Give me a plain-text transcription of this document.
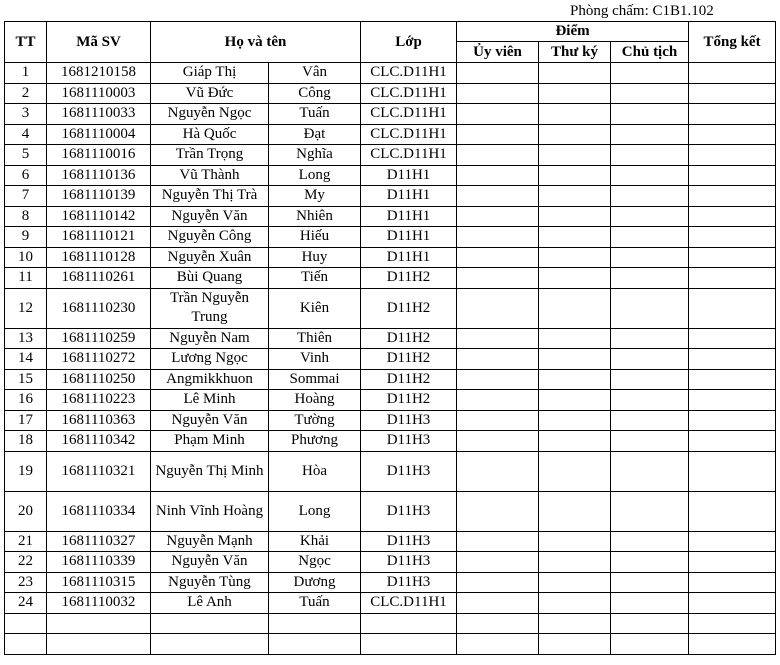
Phòng chấm: C1B1.102
TT	Mã SV	Họ và tên		Lớp	Điểm			Tổng kết
					Ủy viên	Thư ký	Chủ tịch	
1	1681210158	Giáp Thị	Vân	CLC.D11H1				
2	1681110003	Vũ Đức	Công	CLC.D11H1				
3	1681110033	Nguyễn Ngọc	Tuấn	CLC.D11H1				
4	1681110004	Hà Quốc	Đạt	CLC.D11H1				
5	1681110016	Trần Trọng	Nghĩa	CLC.D11H1				
6	1681110136	Vũ Thành	Long	D11H1				
7	1681110139	Nguyễn Thị Trà	My	D11H1				
8	1681110142	Nguyễn Văn	Nhiên	D11H1				
9	1681110121	Nguyễn Công	Hiếu	D11H1				
10	1681110128	Nguyễn Xuân	Huy	D11H1				
11	1681110261	Bùi Quang	Tiến	D11H2				
12	1681110230	Trần Nguyễn Trung	Kiên	D11H2				
13	1681110259	Nguyễn Nam	Thiên	D11H2				
14	1681110272	Lương Ngọc	Vinh	D11H2				
15	1681110250	Angmikkhuon	Sommai	D11H2				
16	1681110223	Lê Minh	Hoàng	D11H2				
17	1681110363	Nguyễn Văn	Tường	D11H3				
18	1681110342	Phạm Minh	Phương	D11H3				
19	1681110321	Nguyễn Thị Minh	Hòa	D11H3				
20	1681110334	Ninh Vĩnh Hoàng	Long	D11H3				
21	1681110327	Nguyễn Mạnh	Khải	D11H3				
22	1681110339	Nguyễn Văn	Ngọc	D11H3				
23	1681110315	Nguyễn Tùng	Dương	D11H3				
24	1681110032	Lê Anh	Tuấn	CLC.D11H1				
